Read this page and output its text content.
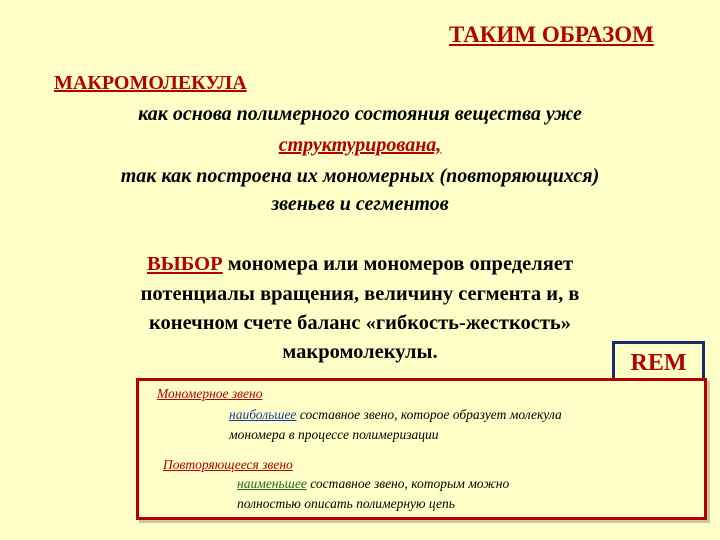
ТАКИМ ОБРАЗОМ
МАКРОМОЛЕКУЛА
как основа полимерного состояния вещества уже
структурирована,
так как построена их мономерных (повторяющихся)
звеньев и сегментов
ВЫБОР мономера или мономеров определяет
потенциалы вращения, величину сегмента и, в
конечном счете баланс «гибкость-жесткость»
макромолекулы.	REM
Мономерное звено
наибольшее составное звено, которое образует молекула
мономера в процессе полимеризации
Повторяющееся звено
наименьшее составное звено, которым можно
полностью описать полимерную цепь
